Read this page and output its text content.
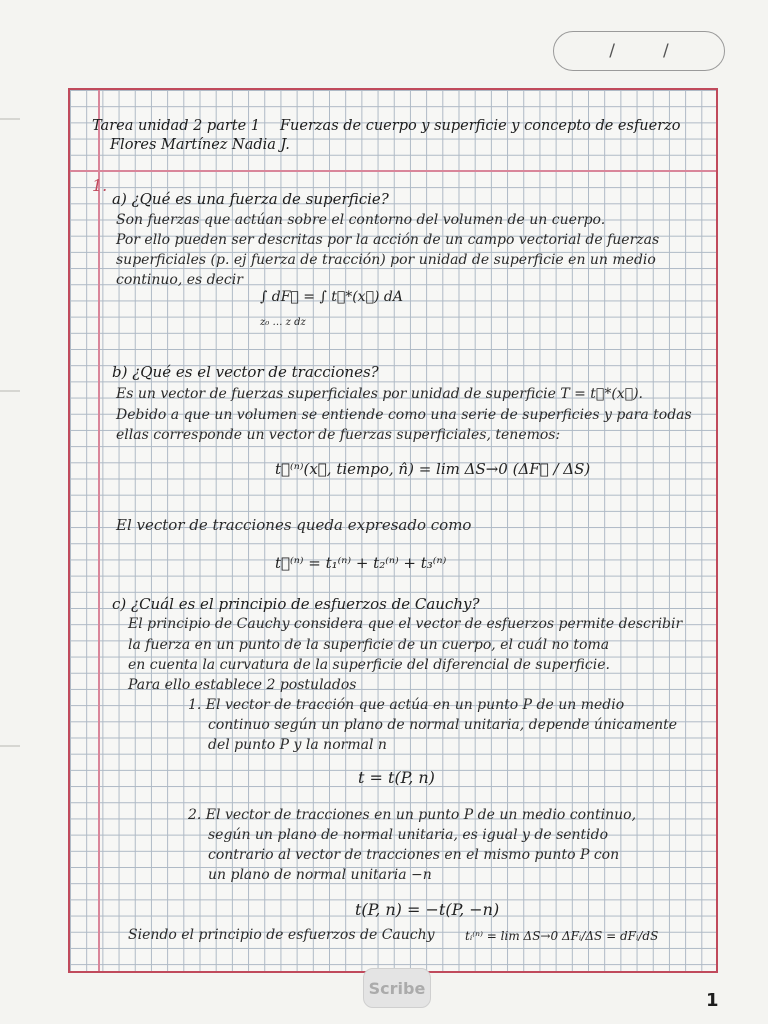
/	/
Tarea unidad 2 parte 1 Fuerzas de cuerpo y superficie y concepto de esfuerzo
Flores Martínez Nadia J.
1.
a) ¿Qué es una fuerza de superficie?
Son fuerzas que actúan sobre el contorno del volumen de un cuerpo.
Por ello pueden ser descritas por la acción de un campo vectorial de fuerzas
superficiales (p. ej fuerza de tracción) por unidad de superficie en un medio
continuo, es decir
∫ dF⃗ = ∫ t⃗*(x⃗) dA
z₀ … z dz
b) ¿Qué es el vector de tracciones?
Es un vector de fuerzas superficiales por unidad de superficie T = t⃗*(x⃗).
Debido a que un volumen se entiende como una serie de superficies y para todas
ellas corresponde un vector de fuerzas superficiales, tenemos:
t⃗⁽ⁿ⁾(x⃗, tiempo, n̂) = lim ΔS→0 (ΔF⃗ / ΔS)
El vector de tracciones queda expresado como
t⃗⁽ⁿ⁾ = t₁⁽ⁿ⁾ + t₂⁽ⁿ⁾ + t₃⁽ⁿ⁾
c) ¿Cuál es el principio de esfuerzos de Cauchy?
El principio de Cauchy considera que el vector de esfuerzos permite describir
la fuerza en un punto de la superficie de un cuerpo, el cuál no toma
en cuenta la curvatura de la superficie del diferencial de superficie.
Para ello establece 2 postulados
1. El vector de tracción que actúa en un punto P de un medio
continuo según un plano de normal unitaria, depende únicamente
del punto P y la normal n
t = t(P, n)
2. El vector de tracciones en un punto P de un medio continuo,
según un plano de normal unitaria, es igual y de sentido
contrario al vector de tracciones en el mismo punto P con
un plano de normal unitaria −n
t(P, n) = −t(P, −n)
Siendo el principio de esfuerzos de Cauchy	tᵢ⁽ⁿ⁾ = lim ΔS→0 ΔFᵢ/ΔS = dFᵢ/dS
Scribe
1
